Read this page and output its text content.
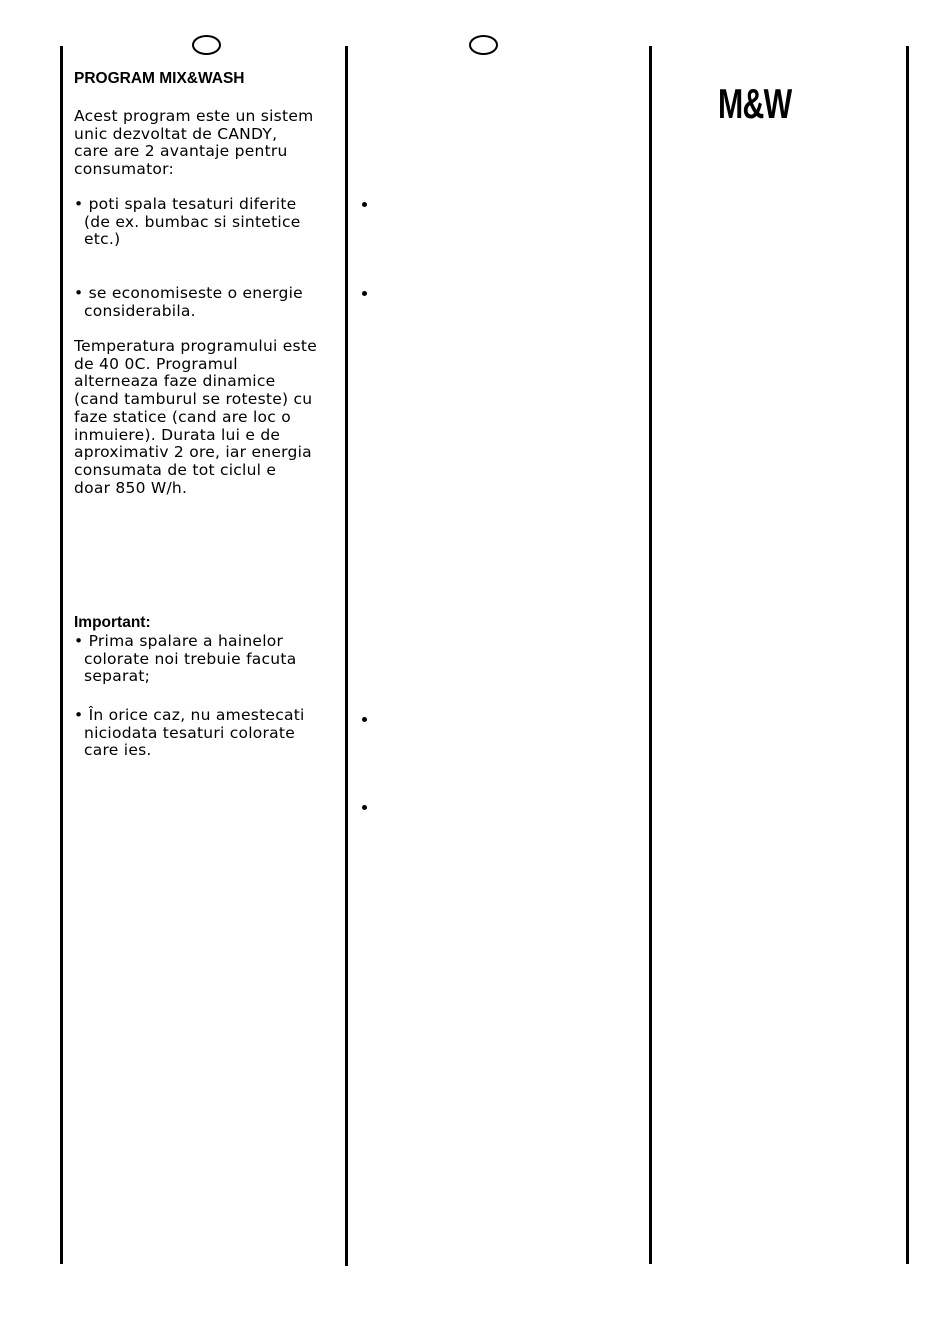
PROGRAM MIX&WASH
Acest program este un sistem
unic dezvoltat de CANDY,
care are 2 avantaje pentru
consumator:
• poti spala tesaturi diferite
(de ex. bumbac si sintetice
etc.)
• se economiseste o energie
considerabila.
Temperatura programului este
de 40 0C. Programul
alterneaza faze dinamice
(cand tamburul se roteste) cu
faze statice (cand are loc o
inmuiere). Durata lui e de
aproximativ 2 ore, iar energia
consumata de tot ciclul e
doar 850 W/h.
Important:
• Prima spalare a hainelor
colorate noi trebuie facuta
separat;
• În orice caz, nu amestecati
niciodata tesaturi colorate
care ies.
M&W
